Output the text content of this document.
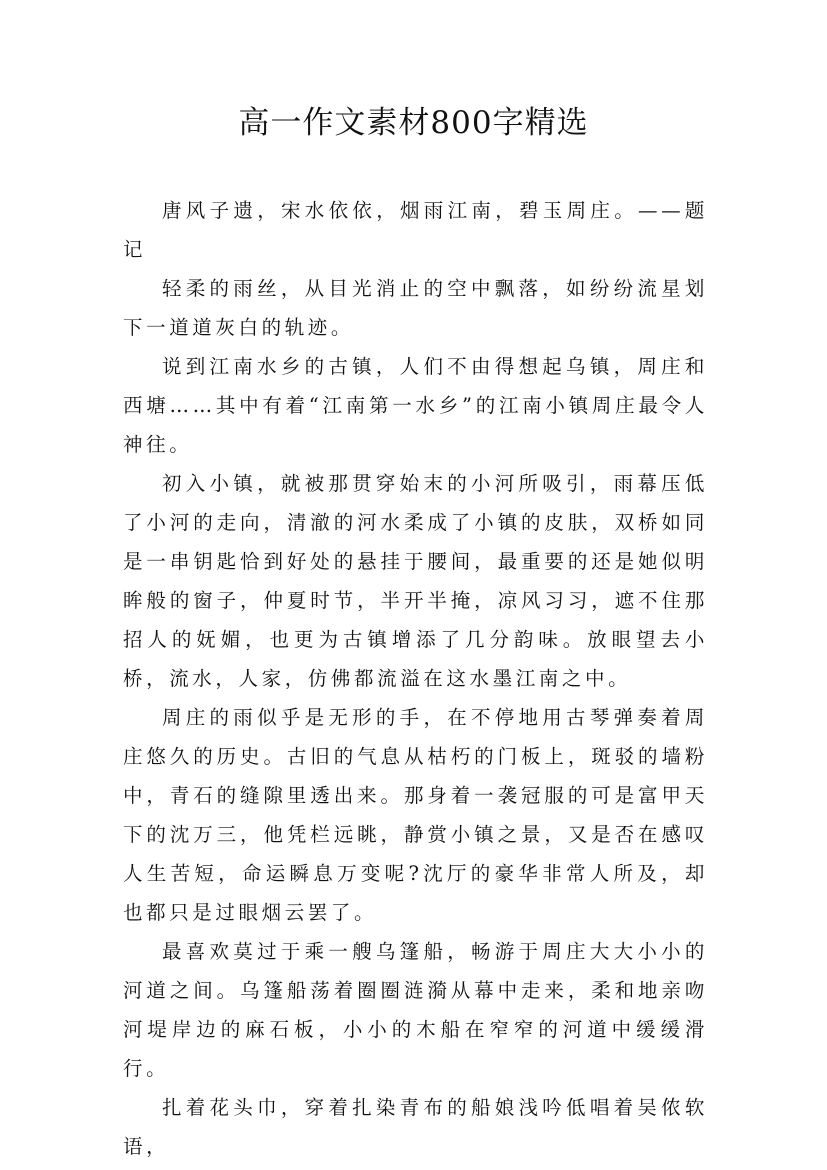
高一作文素材800字精选

唐风子遗，宋水依依，烟雨江南，碧玉周庄。——题记

轻柔的雨丝，从目光消止的空中飘落，如纷纷流星划下一道道灰白的轨迹。

说到江南水乡的古镇，人们不由得想起乌镇，周庄和西塘……其中有着“江南第一水乡”的江南小镇周庄最令人神往。

初入小镇，就被那贯穿始末的小河所吸引，雨幕压低了小河的走向，清澈的河水柔成了小镇的皮肤，双桥如同是一串钥匙恰到好处的悬挂于腰间，最重要的还是她似明眸般的窗子，仲夏时节，半开半掩，凉风习习，遮不住那招人的妩媚，也更为古镇增添了几分韵味。放眼望去小桥，流水，人家，仿佛都流溢在这水墨江南之中。

周庄的雨似乎是无形的手，在不停地用古琴弹奏着周庄悠久的历史。古旧的气息从枯朽的门板上，斑驳的墙粉中，青石的缝隙里透出来。那身着一袭冠服的可是富甲天下的沈万三，他凭栏远眺，静赏小镇之景，又是否在感叹人生苦短，命运瞬息万变呢?沈厅的豪华非常人所及，却也都只是过眼烟云罢了。

最喜欢莫过于乘一艘乌篷船，畅游于周庄大大小小的河道之间。乌篷船荡着圈圈涟漪从幕中走来，柔和地亲吻河堤岸边的麻石板，小小的木船在窄窄的河道中缓缓滑行。

扎着花头巾，穿着扎染青布的船娘浅吟低唱着吴侬软语，
